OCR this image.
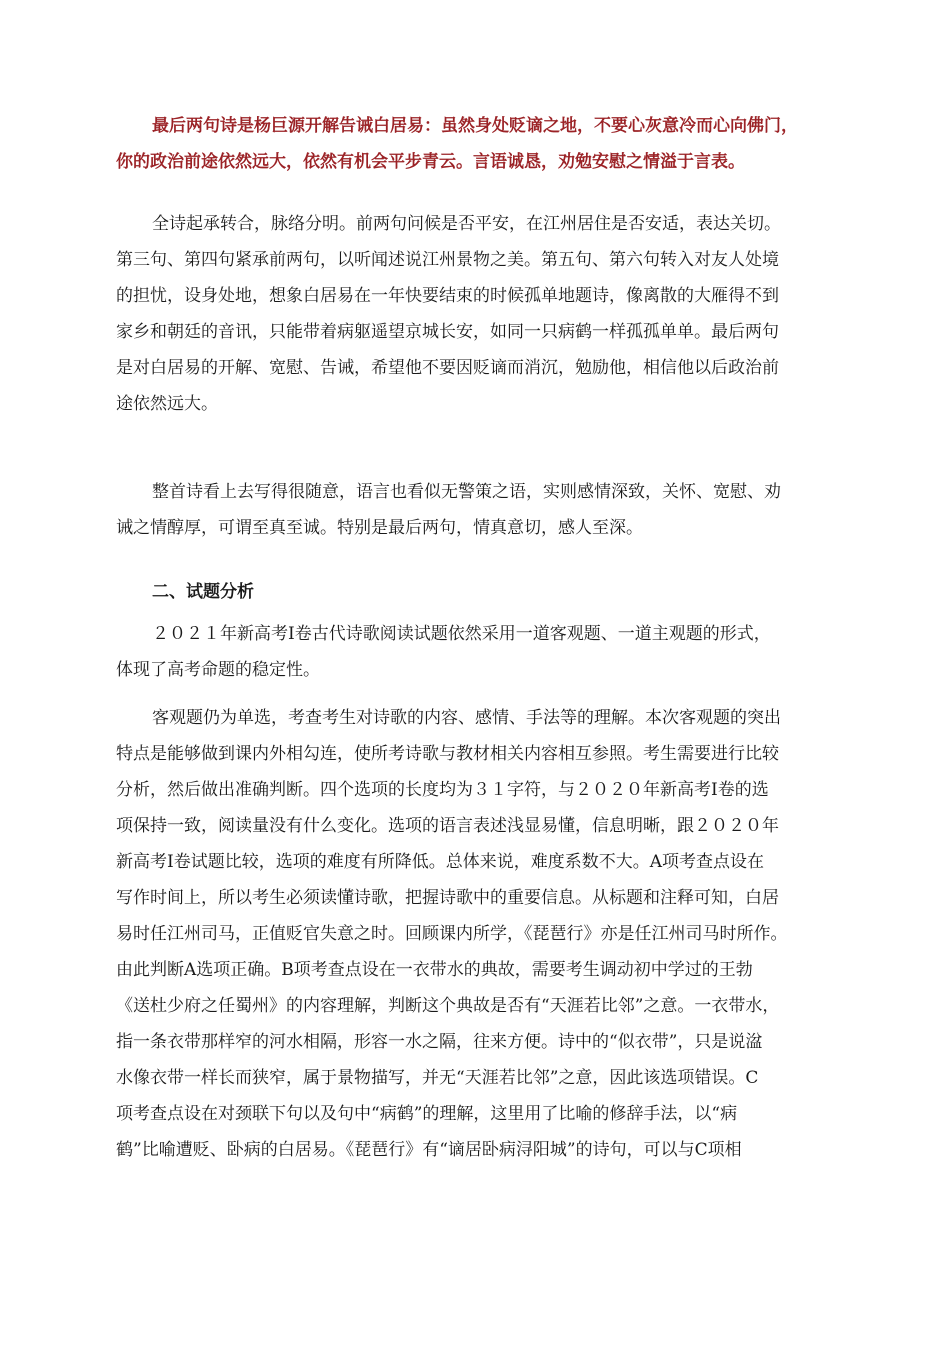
最后两句诗是杨巨源开解告诫白居易：虽然身处贬谪之地，不要心灰意冷而心向佛门，
你的政治前途依然远大，依然有机会平步青云。言语诚恳，劝勉安慰之情溢于言表。
全诗起承转合，脉络分明。前两句问候是否平安，在江州居住是否安适，表达关切。
第三句、第四句紧承前两句，以听闻述说江州景物之美。第五句、第六句转入对友人处境
的担忧，设身处地，想象白居易在一年快要结束的时候孤单地题诗，像离散的大雁得不到
家乡和朝廷的音讯，只能带着病躯遥望京城长安，如同一只病鹤一样孤孤单单。最后两句
是对白居易的开解、宽慰、告诫，希望他不要因贬谪而消沉，勉励他，相信他以后政治前
途依然远大。
整首诗看上去写得很随意，语言也看似无警策之语，实则感情深致，关怀、宽慰、劝
诫之情醇厚，可谓至真至诚。特别是最后两句，情真意切，感人至深。
二、试题分析
２０２１年新高考Ⅰ卷古代诗歌阅读试题依然采用一道客观题、一道主观题的形式，
体现了高考命题的稳定性。
客观题仍为单选，考查考生对诗歌的内容、感情、手法等的理解。本次客观题的突出
特点是能够做到课内外相勾连，使所考诗歌与教材相关内容相互参照。考生需要进行比较
分析，然后做出准确判断。四个选项的长度均为３１字符，与２０２０年新高考Ⅰ卷的选
项保持一致，阅读量没有什么变化。选项的语言表述浅显易懂，信息明晰，跟２０２０年
新高考Ⅰ卷试题比较，选项的难度有所降低。总体来说，难度系数不大。A项考查点设在
写作时间上，所以考生必须读懂诗歌，把握诗歌中的重要信息。从标题和注释可知，白居
易时任江州司马，正值贬官失意之时。回顾课内所学，《琵琶行》亦是任江州司马时所作。
由此判断A选项正确。B项考查点设在一衣带水的典故，需要考生调动初中学过的王勃
《送杜少府之任蜀州》的内容理解，判断这个典故是否有“天涯若比邻”之意。一衣带水，
指一条衣带那样窄的河水相隔，形容一水之隔，往来方便。诗中的“似衣带”，只是说湓
水像衣带一样长而狭窄，属于景物描写，并无“天涯若比邻”之意，因此该选项错误。C
项考查点设在对颈联下句以及句中“病鹤”的理解，这里用了比喻的修辞手法，以“病
鹤”比喻遭贬、卧病的白居易。《琵琶行》有“谪居卧病浔阳城”的诗句，可以与C项相
